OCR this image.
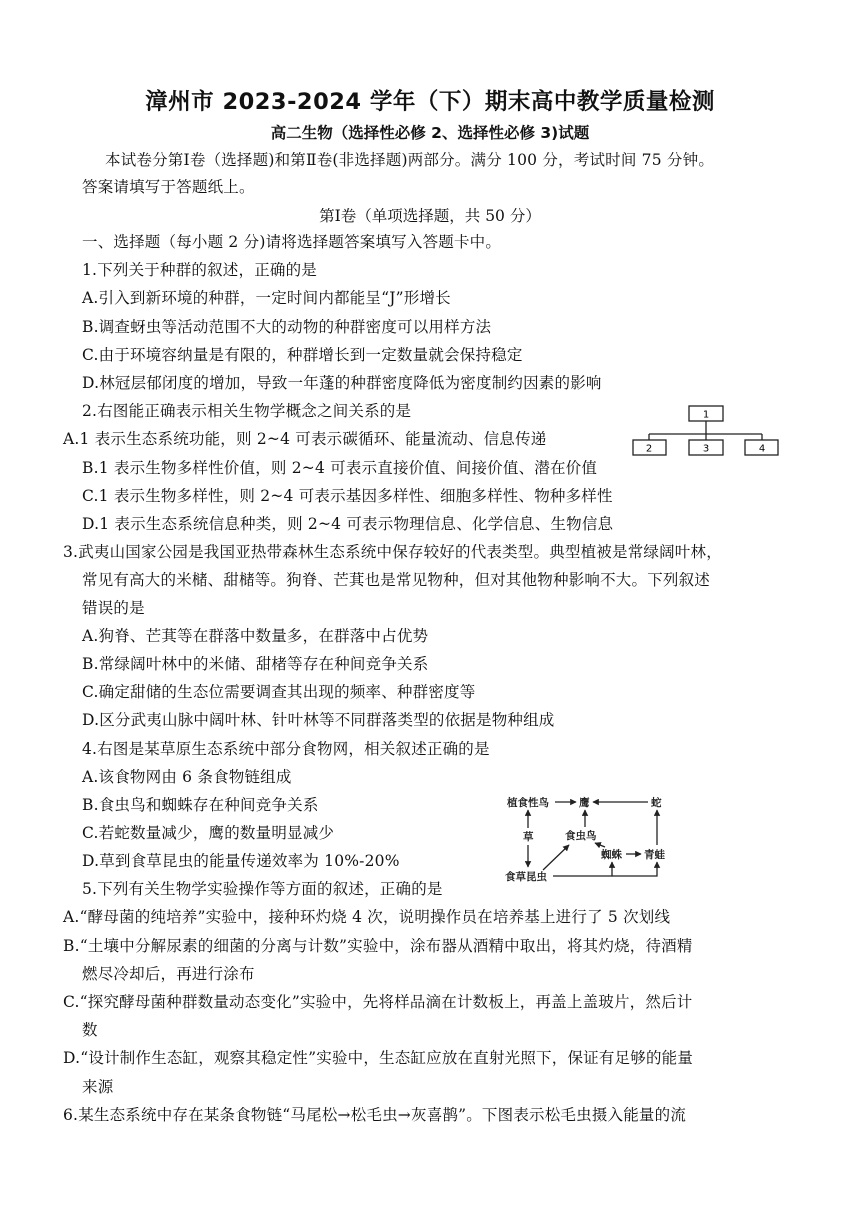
漳州市 2023-2024 学年（下）期末高中教学质量检测
高二生物（选择性必修 2、选择性必修 3)试题
本试卷分第Ⅰ卷（选择题)和第Ⅱ卷(非选择题)两部分。满分 100 分，考试时间 75 分钟。
答案请填写于答题纸上。
第Ⅰ卷（单项选择题，共 50 分）
一、选择题（每小题 2 分)请将选择题答案填写入答题卡中。
1.下列关于种群的叙述，正确的是
A.引入到新环境的种群，一定时间内都能呈“J”形增长
B.调查蚜虫等活动范围不大的动物的种群密度可以用样方法
C.由于环境容纳量是有限的，种群增长到一定数量就会保持稳定
D.林冠层郁闭度的增加，导致一年蓬的种群密度降低为密度制约因素的影响
2.右图能正确表示相关生物学概念之间关系的是
A.1 表示生态系统功能，则 2~4 可表示碳循环、能量流动、信息传递
B.1 表示生物多样性价值，则 2~4 可表示直接价值、间接价值、潜在价值
C.1 表示生物多样性，则 2~4 可表示基因多样性、细胞多样性、物种多样性
D.1 表示生态系统信息种类，则 2~4 可表示物理信息、化学信息、生物信息
1
2	3	4
3.武夷山国家公园是我国亚热带森林生态系统中保存较好的代表类型。典型植被是常绿阔叶林，
常见有高大的米槠、甜槠等。狗脊、芒萁也是常见物种，但对其他物种影响不大。下列叙述
错误的是
A.狗脊、芒萁等在群落中数量多，在群落中占优势
B.常绿阔叶林中的米储、甜楮等存在种间竞争关系
C.确定甜储的生态位需要调查其出现的频率、种群密度等
D.区分武夷山脉中阔叶林、针叶林等不同群落类型的依据是物种组成
4.右图是某草原生态系统中部分食物网，相关叙述正确的是
A.该食物网由 6 条食物链组成
B.食虫鸟和蜘蛛存在种间竞争关系
C.若蛇数量减少，鹰的数量明显减少
D.草到食草昆虫的能量传递效率为 10%-20%
植食性鸟	鹰	蛇
草	食虫鸟
蜘蛛 青蛙
食草昆虫
5.下列有关生物学实验操作等方面的叙述，正确的是
A.“酵母菌的纯培养”实验中，接种环灼烧 4 次，说明操作员在培养基上进行了 5 次划线
B.“土壤中分解尿素的细菌的分离与计数”实验中，涂布器从酒精中取出，将其灼烧，待酒精
燃尽冷却后，再进行涂布
C.“探究酵母菌种群数量动态变化”实验中，先将样品滴在计数板上，再盖上盖玻片，然后计
数
D.“设计制作生态缸，观察其稳定性”实验中，生态缸应放在直射光照下，保证有足够的能量
来源
6.某生态系统中存在某条食物链“马尾松→松毛虫→灰喜鹊”。下图表示松毛虫摄入能量的流
